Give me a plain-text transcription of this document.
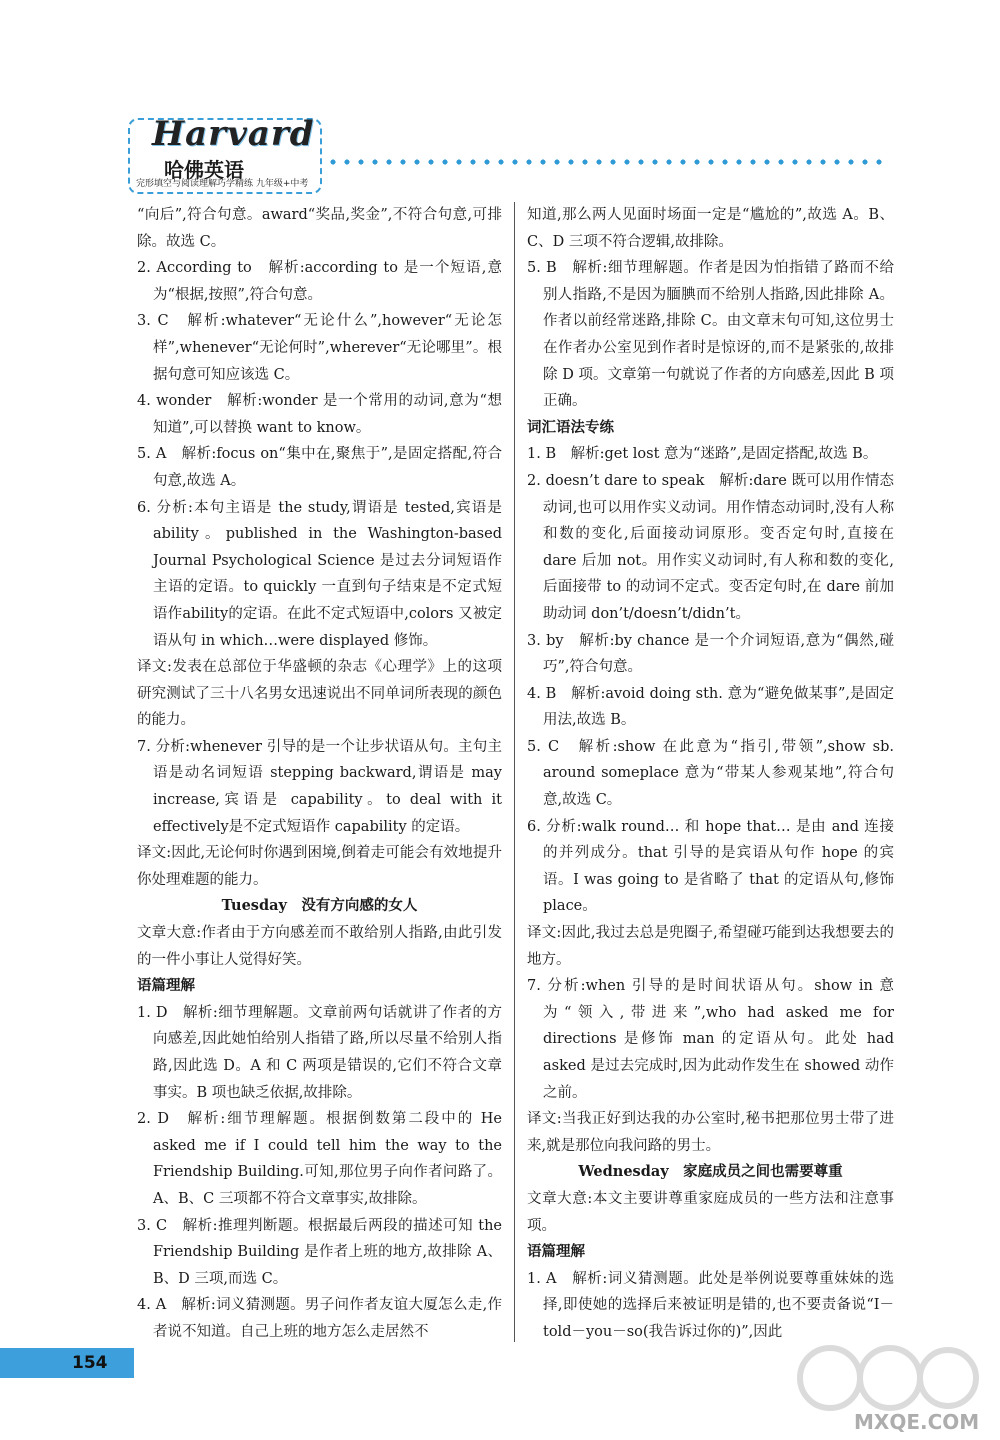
Harvard
哈佛英语
完形填空与阅读理解巧学精练 九年级+中考

“向后”,符合句意。award“奖品,奖金”,不符合句意,可排除。故选 C。

2. According to　解析:according to 是一个短语,意为“根据,按照”,符合句意。

3. C　解析:whatever“无论什么”,however“无论怎样”,whenever“无论何时”,wherever“无论哪里”。根据句意可知应该选 C。

4. wonder　解析:wonder 是一个常用的动词,意为“想知道”,可以替换 want to know。

5. A　解析:focus on“集中在,聚焦于”,是固定搭配,符合句意,故选 A。

6. 分析:本句主语是 the study,谓语是 tested,宾语是 ability。published in the Washington-based Journal Psychological Science 是过去分词短语作主语的定语。to quickly 一直到句子结束是不定式短语作ability的定语。在此不定式短语中,colors 又被定语从句 in which…were displayed 修饰。

译文:发表在总部位于华盛顿的杂志《心理学》上的这项研究测试了三十八名男女迅速说出不同单词所表现的颜色的能力。

7. 分析:whenever 引导的是一个让步状语从句。主句主语是动名词短语 stepping backward,谓语是 may increase,宾语是 capability。to deal with it effectively是不定式短语作 capability 的定语。

译文:因此,无论何时你遇到困境,倒着走可能会有效地提升你处理难题的能力。

Tuesday　没有方向感的女人

文章大意:作者由于方向感差而不敢给别人指路,由此引发的一件小事让人觉得好笑。

语篇理解

1. D　解析:细节理解题。文章前两句话就讲了作者的方向感差,因此她怕给别人指错了路,所以尽量不给别人指路,因此选 D。A 和 C 两项是错误的,它们不符合文章事实。B 项也缺乏依据,故排除。

2. D　解析:细节理解题。根据倒数第二段中的 He asked me if I could tell him the way to the Friendship Building.可知,那位男子向作者问路了。A、B、C 三项都不符合文章事实,故排除。

3. C　解析:推理判断题。根据最后两段的描述可知 the Friendship Building 是作者上班的地方,故排除 A、B、D 三项,而选 C。

4. A　解析:词义猜测题。男子问作者友谊大厦怎么走,作者说不知道。自己上班的地方怎么走居然不

知道,那么两人见面时场面一定是“尴尬的”,故选 A。B、C、D 三项不符合逻辑,故排除。

5. B　解析:细节理解题。作者是因为怕指错了路而不给别人指路,不是因为腼腆而不给别人指路,因此排除 A。作者以前经常迷路,排除 C。由文章末句可知,这位男士在作者办公室见到作者时是惊讶的,而不是紧张的,故排除 D 项。文章第一句就说了作者的方向感差,因此 B 项正确。

词汇语法专练

1. B　解析:get lost 意为“迷路”,是固定搭配,故选 B。

2. doesn’t dare to speak　解析:dare 既可以用作情态动词,也可以用作实义动词。用作情态动词时,没有人称和数的变化,后面接动词原形。变否定句时,直接在 dare 后加 not。用作实义动词时,有人称和数的变化,后面接带 to 的动词不定式。变否定句时,在 dare 前加助动词 don’t/doesn’t/didn’t。

3. by　解析:by chance 是一个介词短语,意为“偶然,碰巧”,符合句意。

4. B　解析:avoid doing sth. 意为“避免做某事”,是固定用法,故选 B。

5. C　解析:show 在此意为“指引,带领”,show sb. around someplace 意为“带某人参观某地”,符合句意,故选 C。

6. 分析:walk round… 和 hope that… 是由 and 连接的并列成分。that 引导的是宾语从句作 hope 的宾语。I was going to 是省略了 that 的定语从句,修饰 place。

译文:因此,我过去总是兜圈子,希望碰巧能到达我想要去的地方。

7. 分析:when 引导的是时间状语从句。show in 意为“领入,带进来”,who had asked me for directions 是修饰 man 的定语从句。此处 had asked 是过去完成时,因为此动作发生在 showed 动作之前。

译文:当我正好到达我的办公室时,秘书把那位男士带了进来,就是那位向我问路的男士。

Wednesday　家庭成员之间也需要尊重

文章大意:本文主要讲尊重家庭成员的一些方法和注意事项。

语篇理解

1. A　解析:词义猜测题。此处是举例说要尊重妹妹的选择,即使她的选择后来被证明是错的,也不要责备说“I－told－you－so(我告诉过你的)”,因此

154
MXQE.COM
